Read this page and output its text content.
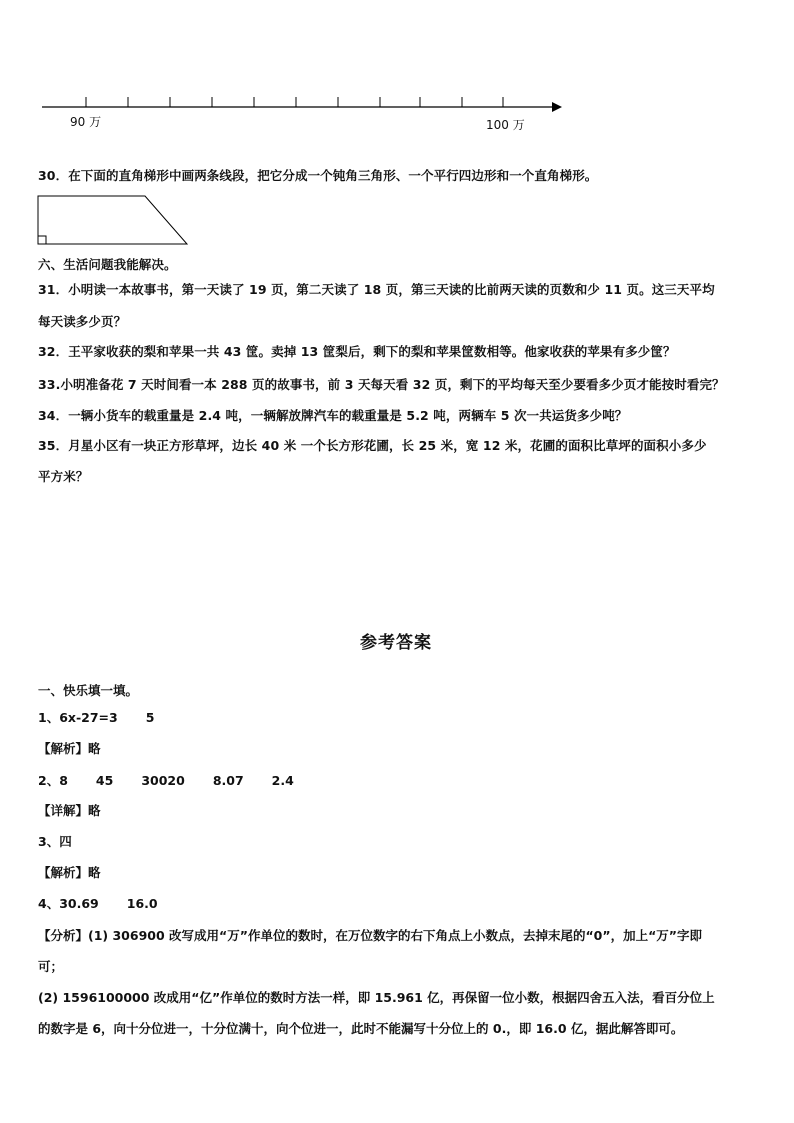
90 万	100 万
30．在下面的直角梯形中画两条线段，把它分成一个钝角三角形、一个平行四边形和一个直角梯形。
六、生活问题我能解决。
31．小明读一本故事书，第一天读了 19 页，第二天读了 18 页，第三天读的比前两天读的页数和少 11 页。这三天平均
每天读多少页？
32．王平家收获的梨和苹果一共 43 筐。卖掉 13 筐梨后，剩下的梨和苹果筐数相等。他家收获的苹果有多少筐？
33.小明准备花 7 天时间看一本 288 页的故事书，前 3 天每天看 32 页，剩下的平均每天至少要看多少页才能按时看完？
34．一辆小货车的载重量是 2.4 吨，一辆解放牌汽车的载重量是 5.2 吨，两辆车 5 次一共运货多少吨？
35．月星小区有一块正方形草坪，边长 40 米 一个长方形花圃，长 25 米，宽 12 米，花圃的面积比草坪的面积小多少
平方米？
参考答案
一、快乐填一填。
1、6x-27=3 5
【解析】略
2、8 45 30020 8.07 2.4
【详解】略
3、四
【解析】略
4、30.69 16.0
【分析】(1) 306900 改写成用“万”作单位的数时，在万位数字的右下角点上小数点，去掉末尾的“0”，加上“万”字即
可；
(2) 1596100000 改成用“亿”作单位的数时方法一样，即 15.961 亿，再保留一位小数，根据四舍五入法，看百分位上
的数字是 6，向十分位进一，十分位满十，向个位进一，此时不能漏写十分位上的 0.，即 16.0 亿，据此解答即可。
